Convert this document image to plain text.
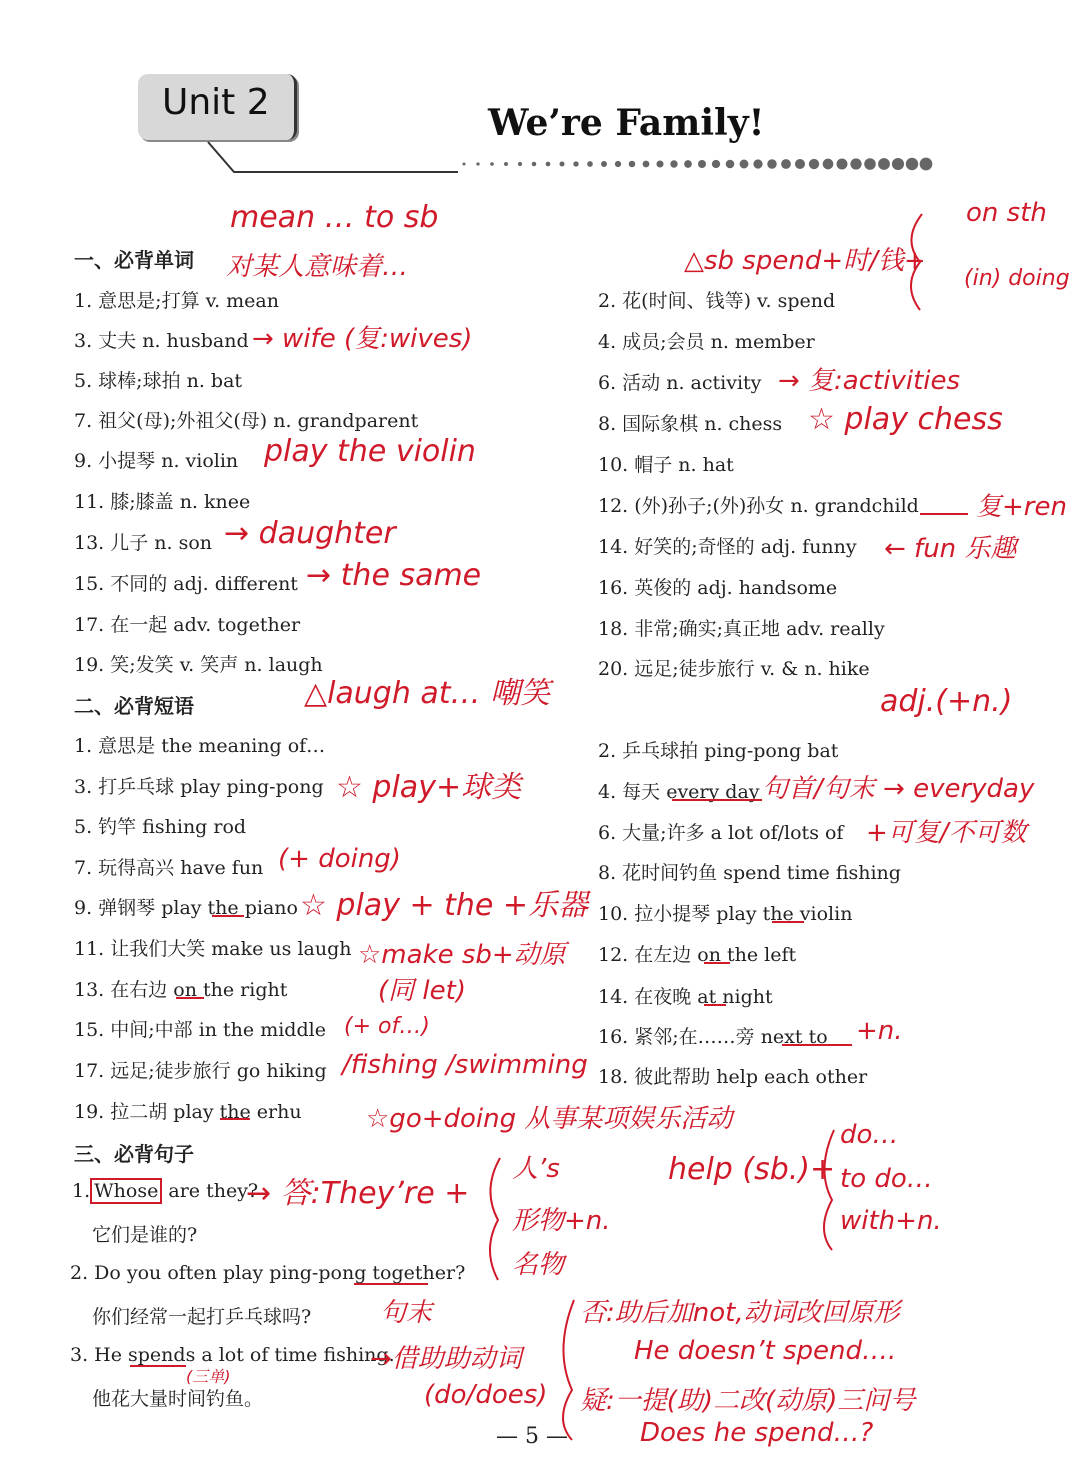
Unit 2	We’re Family!
一、必背单词
二、必背短语
三、必背句子
1. 意思是;打算 v. mean
3. 丈夫 n. husband
5. 球棒;球拍 n. bat
7. 祖父(母);外祖父(母) n. grandparent
9. 小提琴 n. violin
11. 膝;膝盖 n. knee
13. 儿子 n. son
15. 不同的 adj. different
17. 在一起 adv. together
19. 笑;发笑 v. 笑声 n. laugh
2. 花(时间、钱等) v. spend
4. 成员;会员 n. member
6. 活动 n. activity
8. 国际象棋 n. chess
10. 帽子 n. hat
12. (外)孙子;(外)孙女 n. grandchild
14. 好笑的;奇怪的 adj. funny
16. 英俊的 adj. handsome
18. 非常;确实;真正地 adv. really
20. 远足;徒步旅行 v. & n. hike
1. 意思是 the meaning of…
3. 打乒乓球 play ping-pong
5. 钓竿 fishing rod
7. 玩得高兴 have fun
9. 弹钢琴 play the piano
11. 让我们大笑 make us laugh
13. 在右边 on the right
15. 中间;中部 in the middle
17. 远足;徒步旅行 go hiking
19. 拉二胡 play the erhu
2. 乒乓球拍 ping-pong bat
4. 每天 every day
6. 大量;许多 a lot of/lots of
8. 花时间钓鱼 spend time fishing
10. 拉小提琴 play the violin
12. 在左边 on the left
14. 在夜晚 at night
16. 紧邻;在……旁 next to
18. 彼此帮助 help each other
1. Whose are they?
它们是谁的?
2. Do you often play ping-pong together?
你们经常一起打乒乓球吗?
3. He spends a lot of time fishing.
他花大量时间钓鱼。
— 5 —
mean … to sb
对某人意味着…	△sb spend+时/钱+
on sth
(in) doing
→ wife (复:wives)
→ 复:activities
☆ play chess
play the violin
复+ren
→ daughter	← fun 乐趣
→ the same
△laugh at… 嘲笑	adj.(+n.)
☆ play+球类	句首/句末 → everyday
+可复/不可数
(+ doing)
☆ play + the +乐器
☆make sb+动原
(同 let)
(+ of…)	+n.
/fishing /swimming
☆go+doing 从事某项娱乐活动
→ 答:They’re +
人’s
形物+n.
名物
help (sb.)+
do…
to do…
with+n.
句末
→借助助动词
(do/does)
(三单)
否:助后加not,动词改回原形
He doesn’t spend….
疑:一提(助)二改(动原)三问号
Does he spend…?
